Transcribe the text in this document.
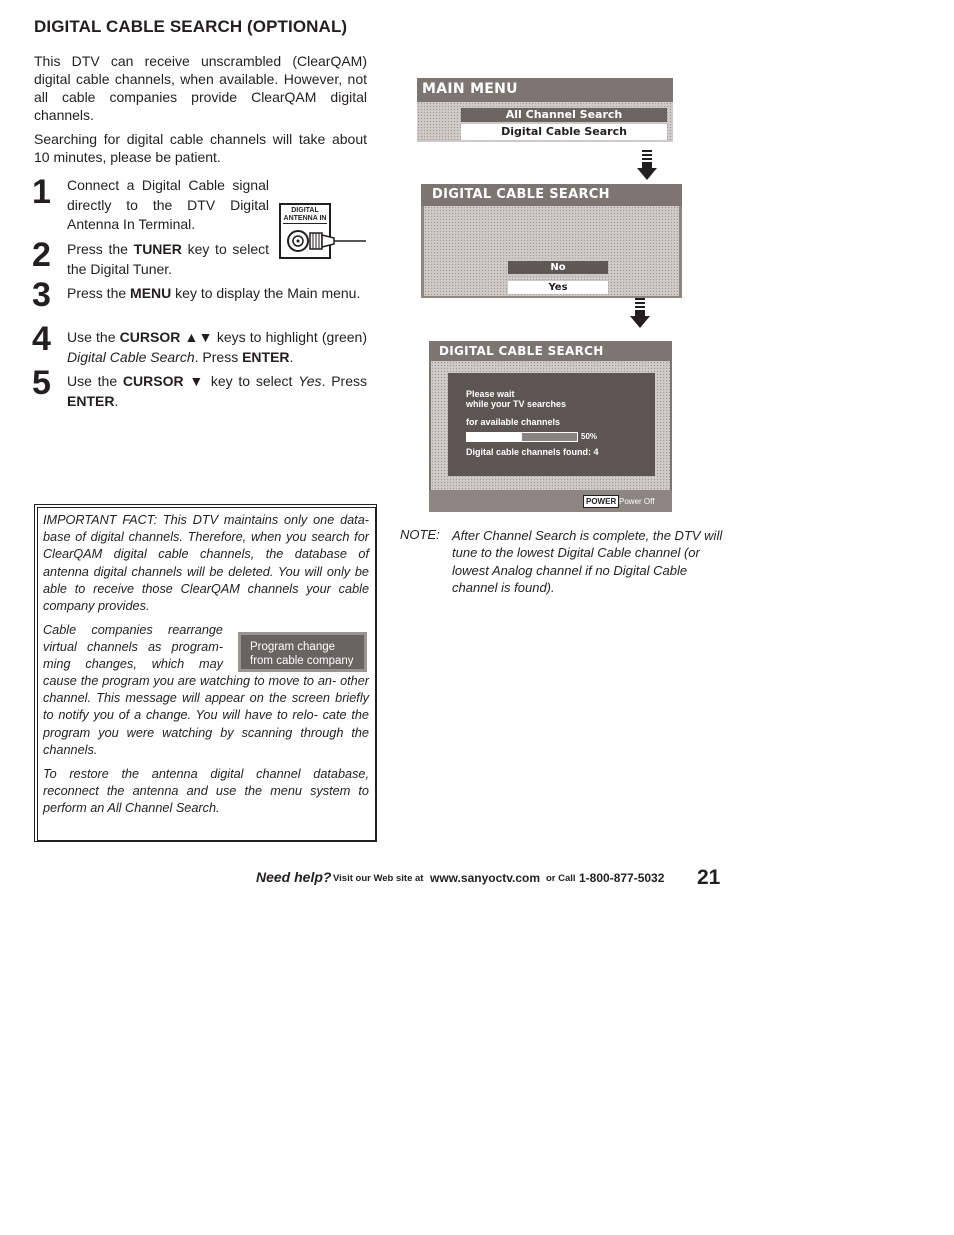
DIGITAL CABLE SEARCH (OPTIONAL)
This DTV can receive unscrambled (ClearQAM) digital cable channels, when available. However, not all cable companies provide ClearQAM digital channels.
Searching for digital cable channels will take about 10 minutes, please be patient.
1 Connect a Digital Cable signal directly to the DTV Digital Antenna In Terminal.
2 Press the TUNER key to select the Digital Tuner.
3 Press the MENU key to display the Main menu.
4 Use the CURSOR ▲▼ keys to highlight (green) Digital Cable Search. Press ENTER.
5 Use the CURSOR ▼ key to select Yes. Press ENTER.
DIGITAL
ANTENNA IN
MAIN MENU
All Channel Search
Digital Cable Search
DIGITAL CABLE SEARCH
No
Yes
DIGITAL CABLE SEARCH
Please wait
while your TV searches
for available channels
50%
Digital cable channels found: 4
POWER Power Off
NOTE: After Channel Search is complete, the DTV will tune to the lowest Digital Cable channel (or lowest Analog channel if no Digital Cable channel is found).
IMPORTANT FACT: This DTV maintains only one data- base of digital channels. Therefore, when you search for ClearQAM digital cable channels, the database of antenna digital channels will be deleted. You will only be able to receive those ClearQAM channels your cable company provides.
Cable companies rearrange
virtual channels as program-
ming changes, which may
Program change
from cable company
cause the program you are watching to move to an- other channel. This message will appear on the screen briefly to notify you of a change. You will have to relo- cate the program you were watching by scanning through the channels.
To restore the antenna digital channel database, reconnect the antenna and use the menu system to perform an All Channel Search.
Need help? Visit our Web site at www.sanyoctv.com or Call 1-800-877-5032 21
